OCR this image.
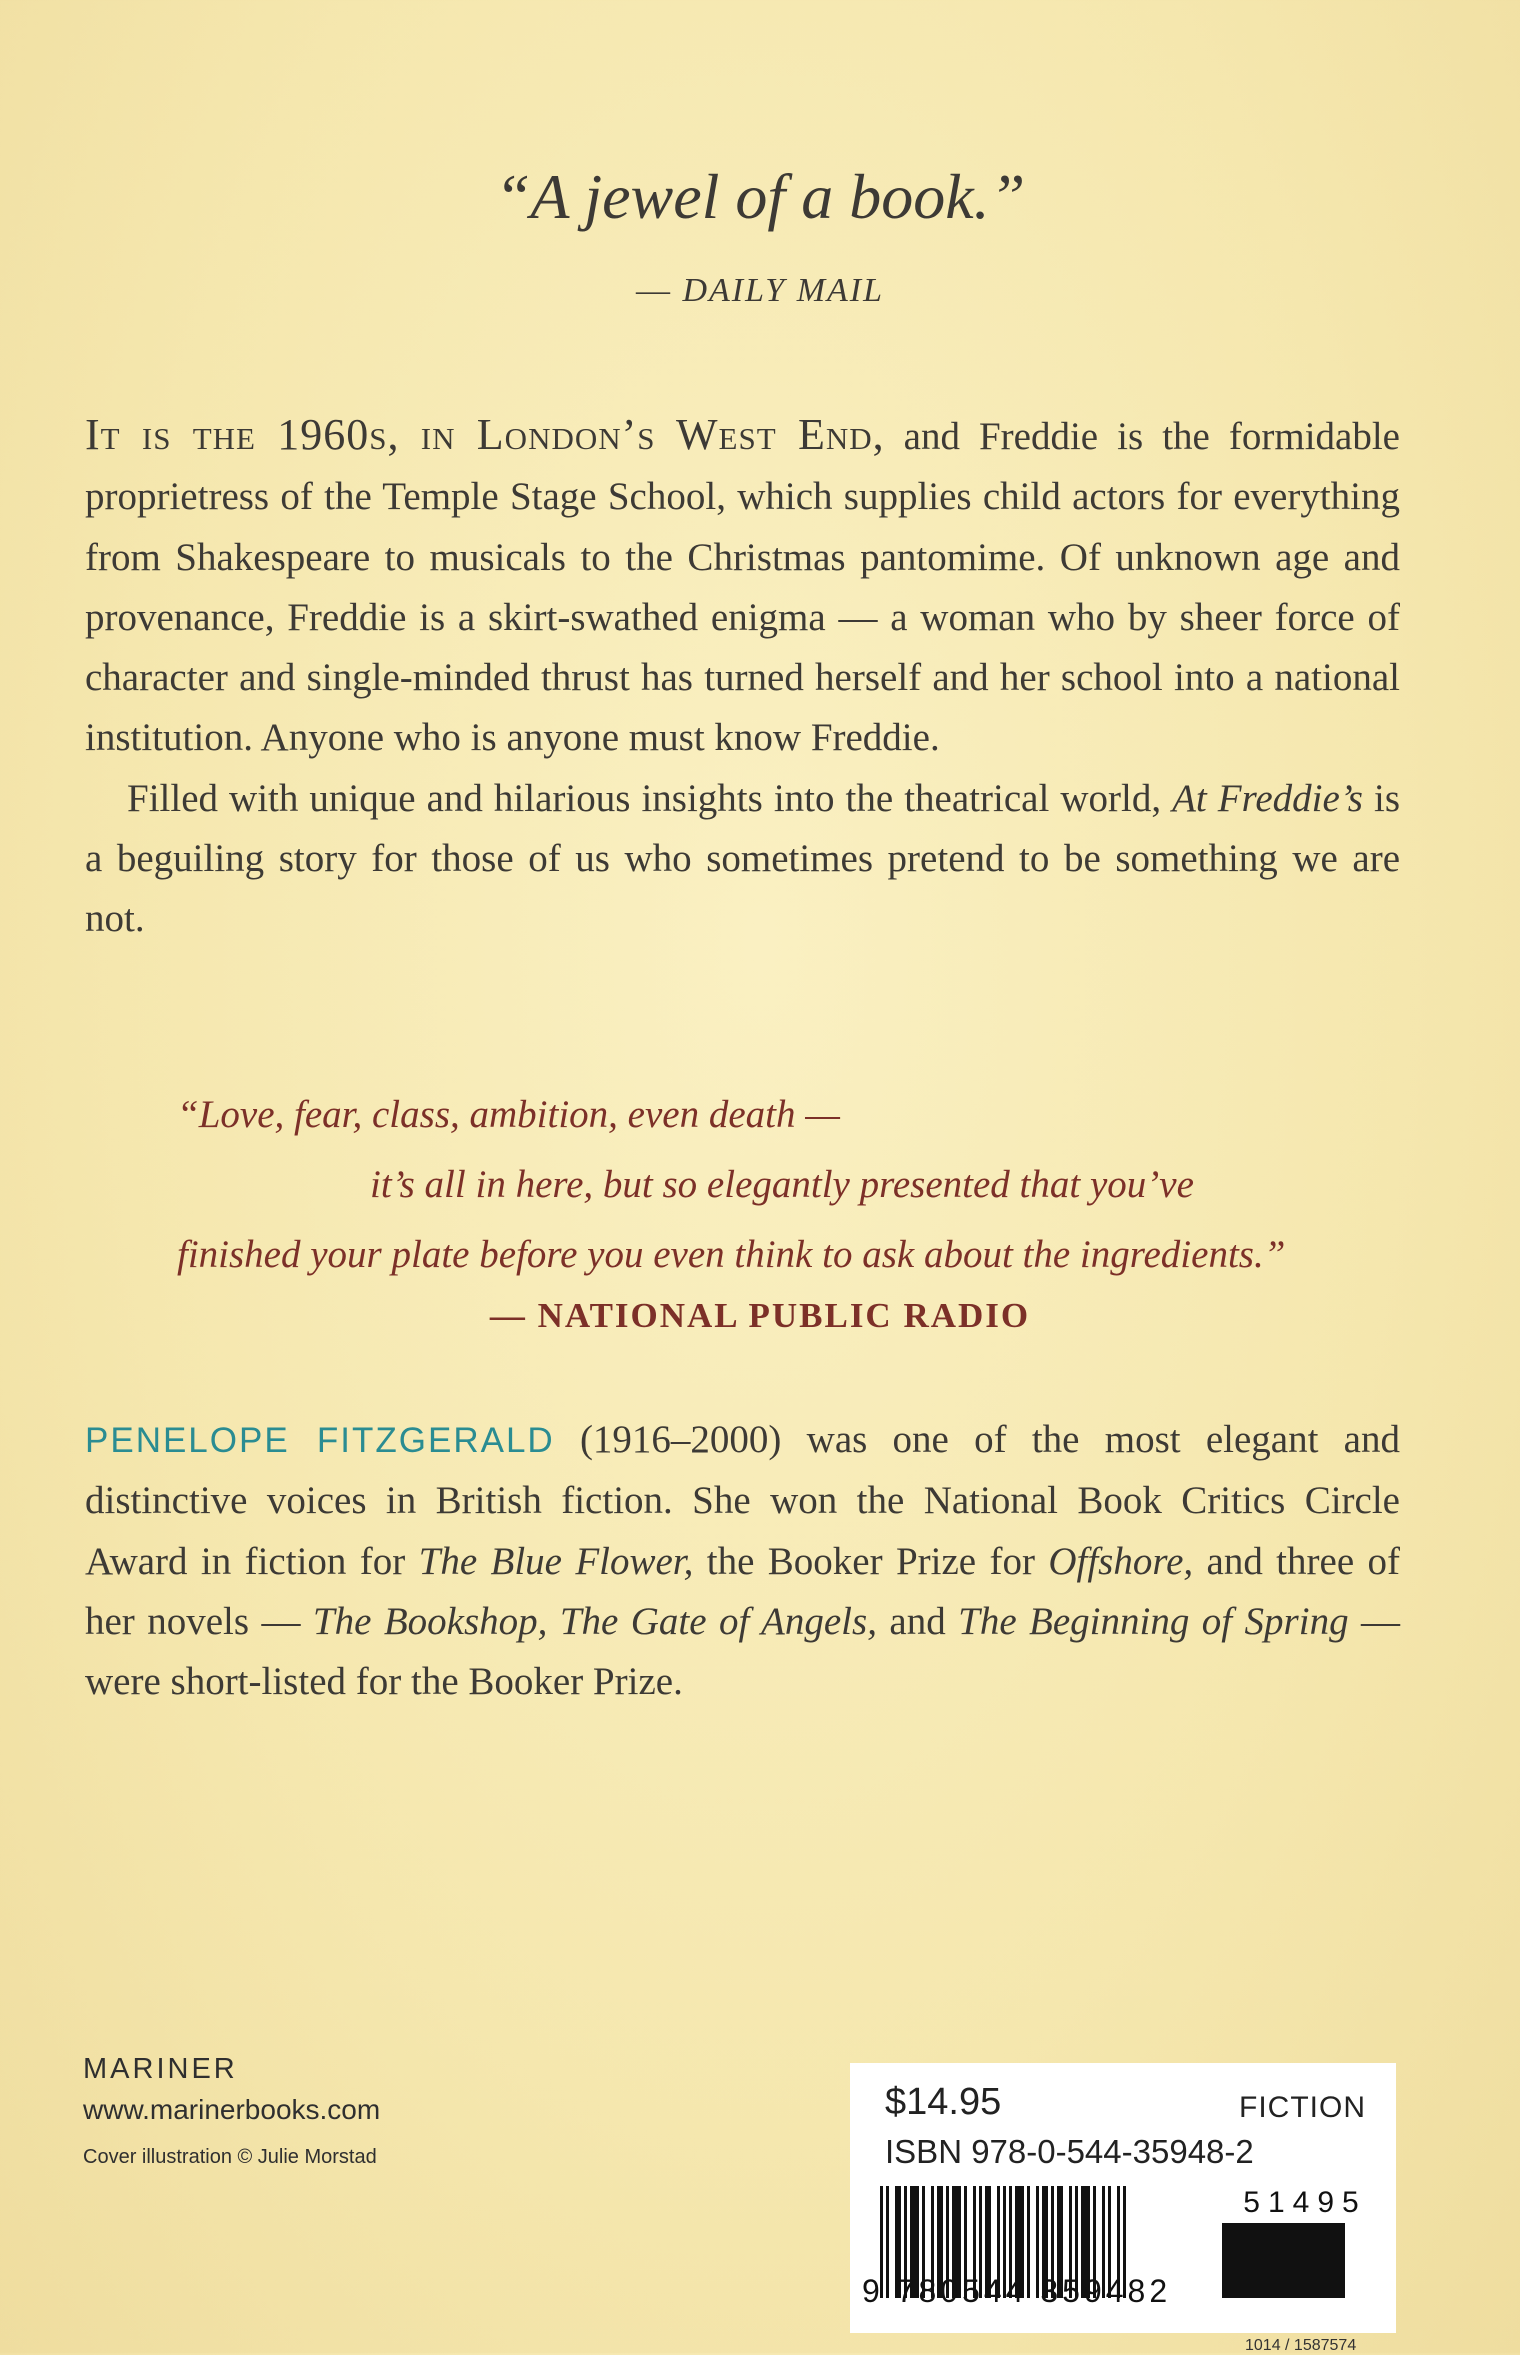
“A jewel of a book.”
— DAILY MAIL

It is the 1960s, in London’s West End, and Freddie is the formidable proprietress of the Temple Stage School, which supplies child actors for everything from Shakespeare to musicals to the Christmas pantomime. Of unknown age and provenance, Freddie is a skirt-swathed enigma — a woman who by sheer force of character and single-minded thrust has turned herself and her school into a national institution. Anyone who is anyone must know Freddie.

Filled with unique and hilarious insights into the theatrical world, At Freddie’s is a beguiling story for those of us who sometimes pretend to be something we are not.

“Love, fear, class, ambition, even death —
it’s all in here, but so elegantly presented that you’ve
finished your plate before you even think to ask about the ingredients.”
— NATIONAL PUBLIC RADIO
PENELOPE FITZGERALD (1916–2000) was one of the most elegant and distinctive voices in British fiction. She won the National Book Critics Circle Award in fiction for The Blue Flower, the Booker Prize for Offshore, and three of her novels — The Bookshop, The Gate of Angels, and The Beginning of Spring — were short-listed for the Booker Prize.
MARINER
www.marinerbooks.com
Cover illustration © Julie Morstad
$14.95	FICTION
ISBN 978-0-544-35948-2
9 780544 359482
51495
1014 / 1587574
